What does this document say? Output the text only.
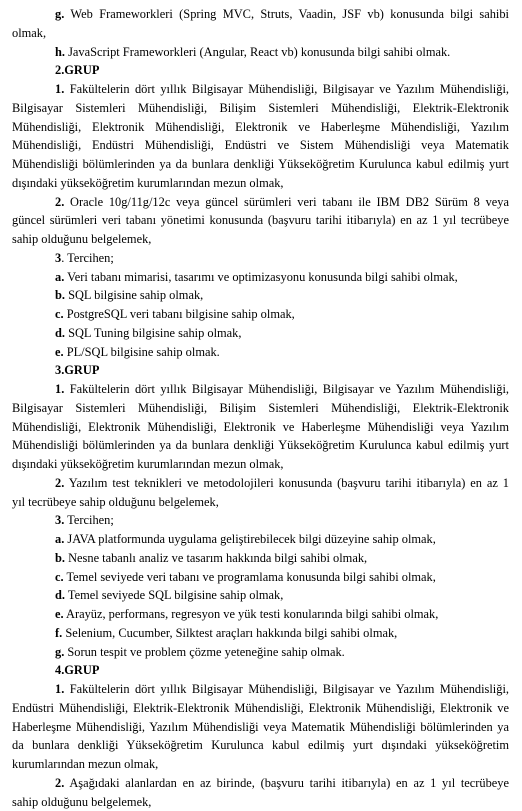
g. Web Frameworkleri (Spring MVC, Struts, Vaadin, JSF vb) konusunda bilgi sahibi
olmak,
h. JavaScript Frameworkleri (Angular, React vb) konusunda bilgi sahibi olmak.
2.GRUP
1. Fakültelerin dört yıllık Bilgisayar Mühendisliği, Bilgisayar ve Yazılım Mühendisliği,
Bilgisayar Sistemleri Mühendisliği, Bilişim Sistemleri Mühendisliği, Elektrik-Elektronik
Mühendisliği, Elektronik Mühendisliği, Elektronik ve Haberleşme Mühendisliği, Yazılım
Mühendisliği, Endüstri Mühendisliği, Endüstri ve Sistem Mühendisliği veya Matematik
Mühendisliği bölümlerinden ya da bunlara denkliği Yükseköğretim Kurulunca kabul edilmiş yurt
dışındaki yükseköğretim kurumlarından mezun olmak,
2. Oracle 10g/11g/12c veya güncel sürümleri veri tabanı ile IBM DB2 Sürüm 8 veya
güncel sürümleri veri tabanı yönetimi konusunda (başvuru tarihi itibarıyla) en az 1 yıl tecrübeye
sahip olduğunu belgelemek,
3. Tercihen;
a. Veri tabanı mimarisi, tasarımı ve optimizasyonu konusunda bilgi sahibi olmak,
b. SQL bilgisine sahip olmak,
c. PostgreSQL veri tabanı bilgisine sahip olmak,
d. SQL Tuning bilgisine sahip olmak,
e. PL/SQL bilgisine sahip olmak.
3.GRUP
1. Fakültelerin dört yıllık Bilgisayar Mühendisliği, Bilgisayar ve Yazılım Mühendisliği,
Bilgisayar Sistemleri Mühendisliği, Bilişim Sistemleri Mühendisliği, Elektrik-Elektronik
Mühendisliği, Elektronik Mühendisliği, Elektronik ve Haberleşme Mühendisliği veya Yazılım
Mühendisliği bölümlerinden ya da bunlara denkliği Yükseköğretim Kurulunca kabul edilmiş yurt
dışındaki yükseköğretim kurumlarından mezun olmak,
2. Yazılım test teknikleri ve metodolojileri konusunda (başvuru tarihi itibarıyla) en az 1
yıl tecrübeye sahip olduğunu belgelemek,
3. Tercihen;
a. JAVA platformunda uygulama geliştirebilecek bilgi düzeyine sahip olmak,
b. Nesne tabanlı analiz ve tasarım hakkında bilgi sahibi olmak,
c. Temel seviyede veri tabanı ve programlama konusunda bilgi sahibi olmak,
d. Temel seviyede SQL bilgisine sahip olmak,
e. Arayüz, performans, regresyon ve yük testi konularında bilgi sahibi olmak,
f. Selenium, Cucumber, Silktest araçları hakkında bilgi sahibi olmak,
g. Sorun tespit ve problem çözme yeteneğine sahip olmak.
4.GRUP
1. Fakültelerin dört yıllık Bilgisayar Mühendisliği, Bilgisayar ve Yazılım Mühendisliği,
Endüstri Mühendisliği, Elektrik-Elektronik Mühendisliği, Elektronik Mühendisliği, Elektronik ve
Haberleşme Mühendisliği, Yazılım Mühendisliği veya Matematik Mühendisliği bölümlerinden ya
da bunlara denkliği Yükseköğretim Kurulunca kabul edilmiş yurt dışındaki yükseköğretim
kurumlarından mezun olmak,
2. Aşağıdaki alanlardan en az birinde, (başvuru tarihi itibarıyla) en az 1 yıl tecrübeye
sahip olduğunu belgelemek,
